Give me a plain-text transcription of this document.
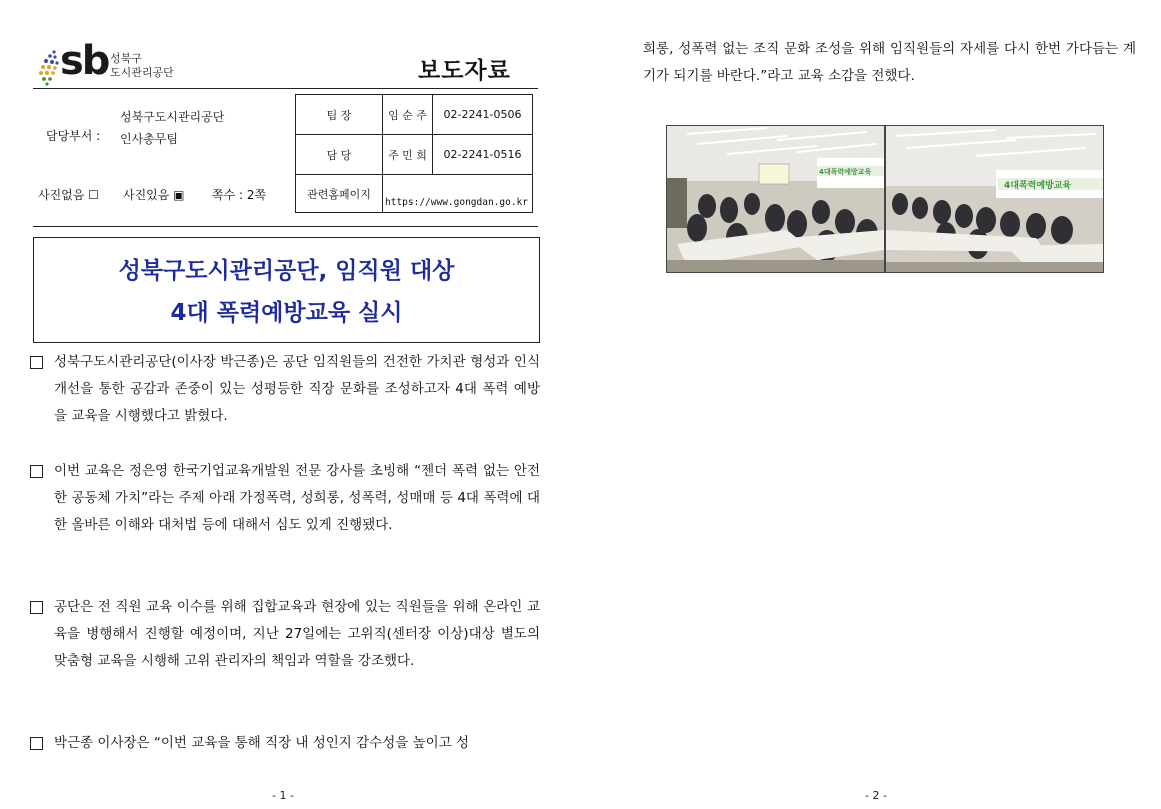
sb 성북구
도시관리공단	보도자료
담당부서 :
성북구도시관리공단
인사총무팀
팀 장	임 순 주	02-2241-0506
담 당	주 민 희	02-2241-0516
관련홈페이지	https://www.gongdan.go.kr	
사진없음 ☐ 사진있음 ▣ 쪽수 : 2쪽
성북구도시관리공단, 임직원 대상
4대 폭력예방교육 실시
성북구도시관리공단(이사장 박근종)은 공단 임직원들의 건전한 가치관 형성과 인식 개선을 통한 공감과 존중이 있는 성평등한 직장 문화를 조성하고자 4대 폭력 예방을 교육을 시행했다고 밝혔다.
이번 교육은 정은영 한국기업교육개발원 전문 강사를 초빙해 “젠더 폭력 없는 안전한 공동체 가치”라는 주제 아래 가정폭력, 성희롱, 성폭력, 성매매 등 4대 폭력에 대한 올바른 이해와 대처법 등에 대해서 심도 있게 진행됐다.
공단은 전 직원 교육 이수를 위해 집합교육과 현장에 있는 직원들을 위해 온라인 교육을 병행해서 진행할 예정이며, 지난 27일에는 고위직(센터장 이상)대상 별도의 맞춤형 교육을 시행해 고위 관리자의 책임과 역할을 강조했다.
박근종 이사장은 “이번 교육을 통해 직장 내 성인지 감수성을 높이고 성
- 1 -
희롱, 성폭력 없는 조직 문화 조성을 위해 임직원들의 자세를 다시 한번 가다듬는 계기가 되기를 바란다.”라고 교육 소감을 전했다.
4대폭력예방교육
4대폭력예방교육
- 2 -
